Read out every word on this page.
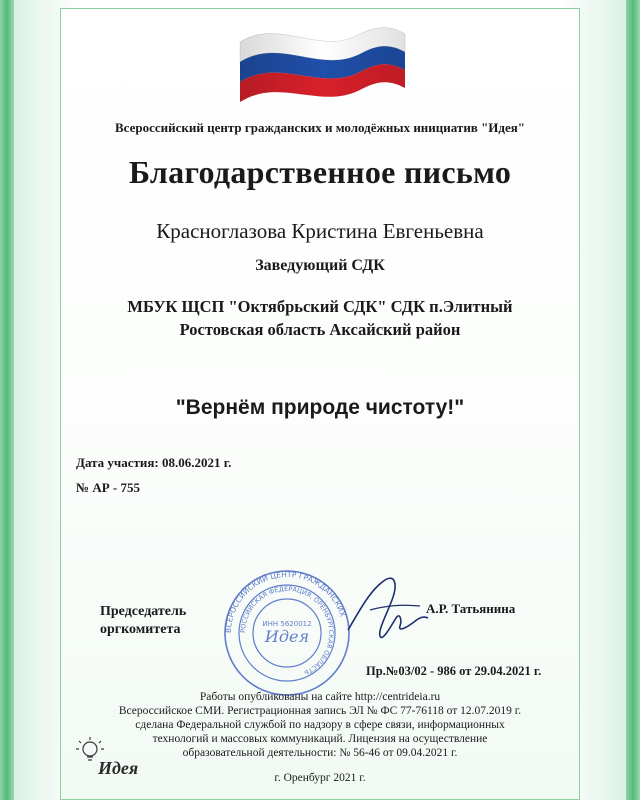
Всероссийский центр гражданских и молодёжных инициатив "Идея"
Благодарственное письмо
Красноглазова Кристина Евгеньевна
Заведующий СДК
МБУК ЩСП "Октябрьский СДК" СДК п.Элитный
Ростовская область Аксайский район
"Вернём природе чистоту!"
Дата участия: 08.06.2021 г.
№ АР - 755
Председатель
оргкомитета	ВСЕРОССИЙСКИЙ ЦЕНТР ГРАЖДАНСКИХ
РОССИЙСКАЯ ФЕДЕРАЦИЯ, ОРЕНБУРГСКАЯ ОБЛАСТЬ
ИНН 5620012
Идея
А.Р. Татьянина
Пр.№03/02 - 986 от 29.04.2021 г.
Работы опубликованы на сайте http://centrideia.ru
Всероссийское СМИ. Регистрационная запись ЭЛ № ФС 77-76118 от 12.07.2019 г.
сделана Федеральной службой по надзору в сфере связи, информационных
технологий и массовых коммуникаций. Лицензия на осуществление
образовательной деятельности: № 56-46 от 09.04.2021 г.
г. Оренбург 2021 г.
Идея
